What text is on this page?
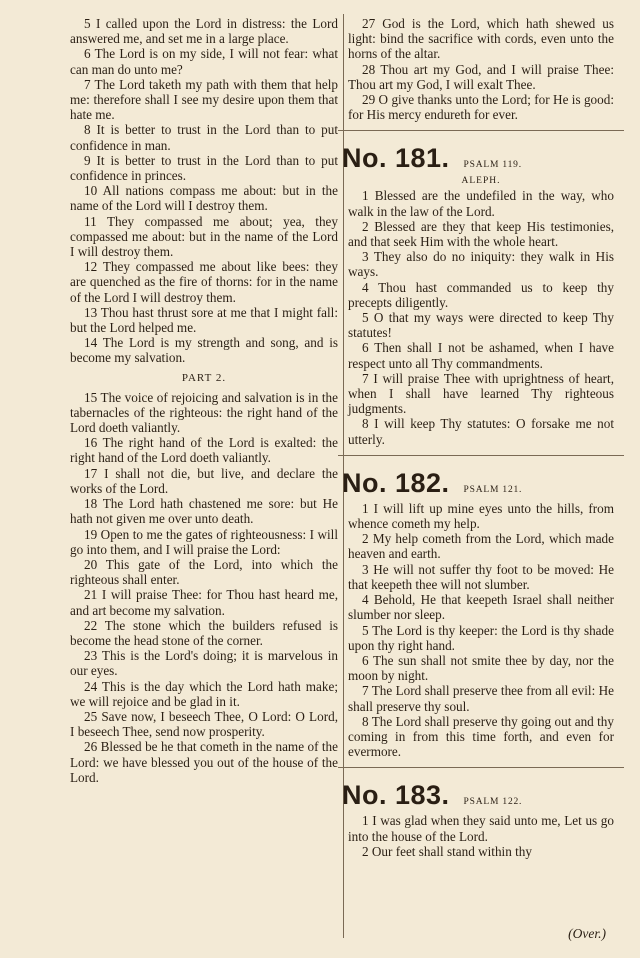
5 I called upon the Lord in distress: the Lord answered me, and set me in a large place.

6 The Lord is on my side, I will not fear: what can man do unto me?

7 The Lord taketh my path with them that help me: therefore shall I see my desire upon them that hate me.

8 It is better to trust in the Lord than to put confidence in man.

9 It is better to trust in the Lord than to put confidence in princes.

10 All nations compass me about: but in the name of the Lord will I destroy them.

11 They compassed me about; yea, they compassed me about: but in the name of the Lord I will destroy them.

12 They compassed me about like bees: they are quenched as the fire of thorns: for in the name of the Lord I will destroy them.

13 Thou hast thrust sore at me that I might fall: but the Lord helped me.

14 The Lord is my strength and song, and is become my salvation.

PART 2.

15 The voice of rejoicing and salvation is in the tabernacles of the righteous: the right hand of the Lord doeth valiantly.

16 The right hand of the Lord is exalted: the right hand of the Lord doeth valiantly.

17 I shall not die, but live, and declare the works of the Lord.

18 The Lord hath chastened me sore: but He hath not given me over unto death.

19 Open to me the gates of righteousness: I will go into them, and I will praise the Lord:

20 This gate of the Lord, into which the righteous shall enter.

21 I will praise Thee: for Thou hast heard me, and art become my salvation.

22 The stone which the builders refused is become the head stone of the corner.

23 This is the Lord's doing; it is marvelous in our eyes.

24 This is the day which the Lord hath make; we will rejoice and be glad in it.

25 Save now, I beseech Thee, O Lord: O Lord, I beseech Thee, send now prosperity.

26 Blessed be he that cometh in the name of the Lord: we have blessed you out of the house of the Lord.

27 God is the Lord, which hath shewed us light: bind the sacrifice with cords, even unto the horns of the altar.

28 Thou art my God, and I will praise Thee: Thou art my God, I will exalt Thee.

29 O give thanks unto the Lord; for He is good: for His mercy endureth for ever.

No. 181. PSALM 119.
ALEPH.

1 Blessed are the undefiled in the way, who walk in the law of the Lord.

2 Blessed are they that keep His testimonies, and that seek Him with the whole heart.

3 They also do no iniquity: they walk in His ways.

4 Thou hast commanded us to keep thy precepts diligently.

5 O that my ways were directed to keep Thy statutes!

6 Then shall I not be ashamed, when I have respect unto all Thy commandments.

7 I will praise Thee with uprightness of heart, when I shall have learned Thy righteous judgments.

8 I will keep Thy statutes: O forsake me not utterly.

No. 182. PSALM 121.

1 I will lift up mine eyes unto the hills, from whence cometh my help.

2 My help cometh from the Lord, which made heaven and earth.

3 He will not suffer thy foot to be moved: He that keepeth thee will not slumber.

4 Behold, He that keepeth Israel shall neither slumber nor sleep.

5 The Lord is thy keeper: the Lord is thy shade upon thy right hand.

6 The sun shall not smite thee by day, nor the moon by night.

7 The Lord shall preserve thee from all evil: He shall preserve thy soul.

8 The Lord shall preserve thy going out and thy coming in from this time forth, and even for evermore.

No. 183. PSALM 122.

1 I was glad when they said unto me, Let us go into the house of the Lord.

2 Our feet shall stand within thy

(Over.)
